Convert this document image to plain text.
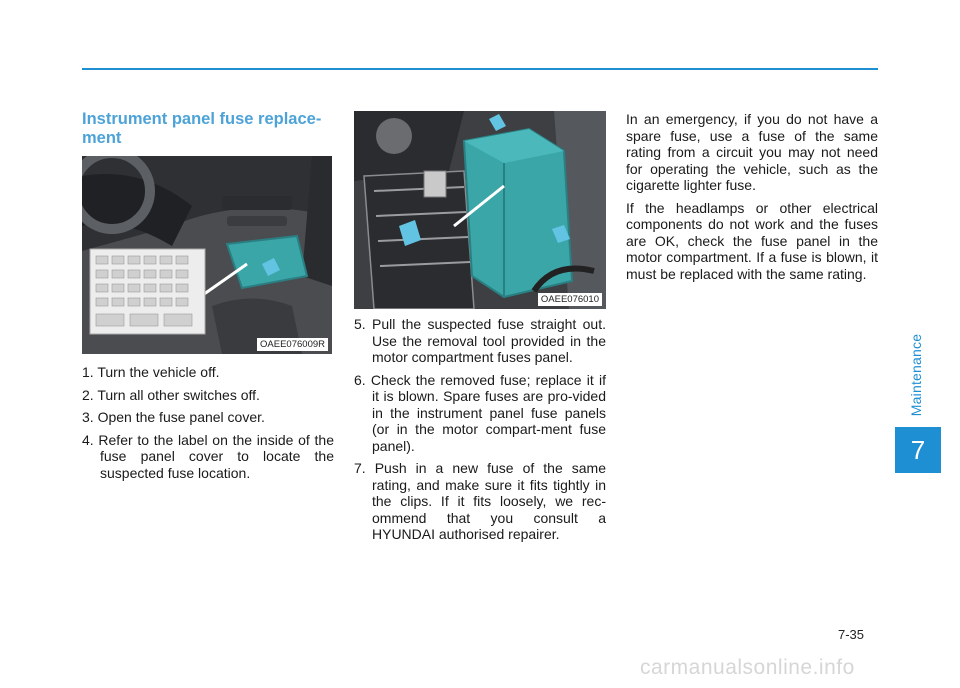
Maintenance
7
Instrument panel fuse replace-ment
OAEE076009R
OAEE076010
1. Turn the vehicle off.
2. Turn all other switches off.
3. Open the fuse panel cover.
4. Refer to the label on the inside of the fuse panel cover to locate the suspected fuse location.
5. Pull the suspected fuse straight out. Use the removal tool provided in the motor compartment fuses panel.
6. Check the removed fuse; replace it if it is blown. Spare fuses are pro-vided in the instrument panel fuse panels (or in the motor compart-ment fuse panel).
7. Push in a new fuse of the same rating, and make sure it fits tightly in the clips. If it fits loosely, we rec-ommend that you consult a HYUNDAI authorised repairer.

In an emergency, if you do not have a spare fuse, use a fuse of the same rating from a circuit you may not need for operating the vehicle, such as the cigarette lighter fuse.

If the headlamps or other electrical components do not work and the fuses are OK, check the fuse panel in the motor compartment. If a fuse is blown, it must be replaced with the same rating.

7-35
carmanualsonline.info
